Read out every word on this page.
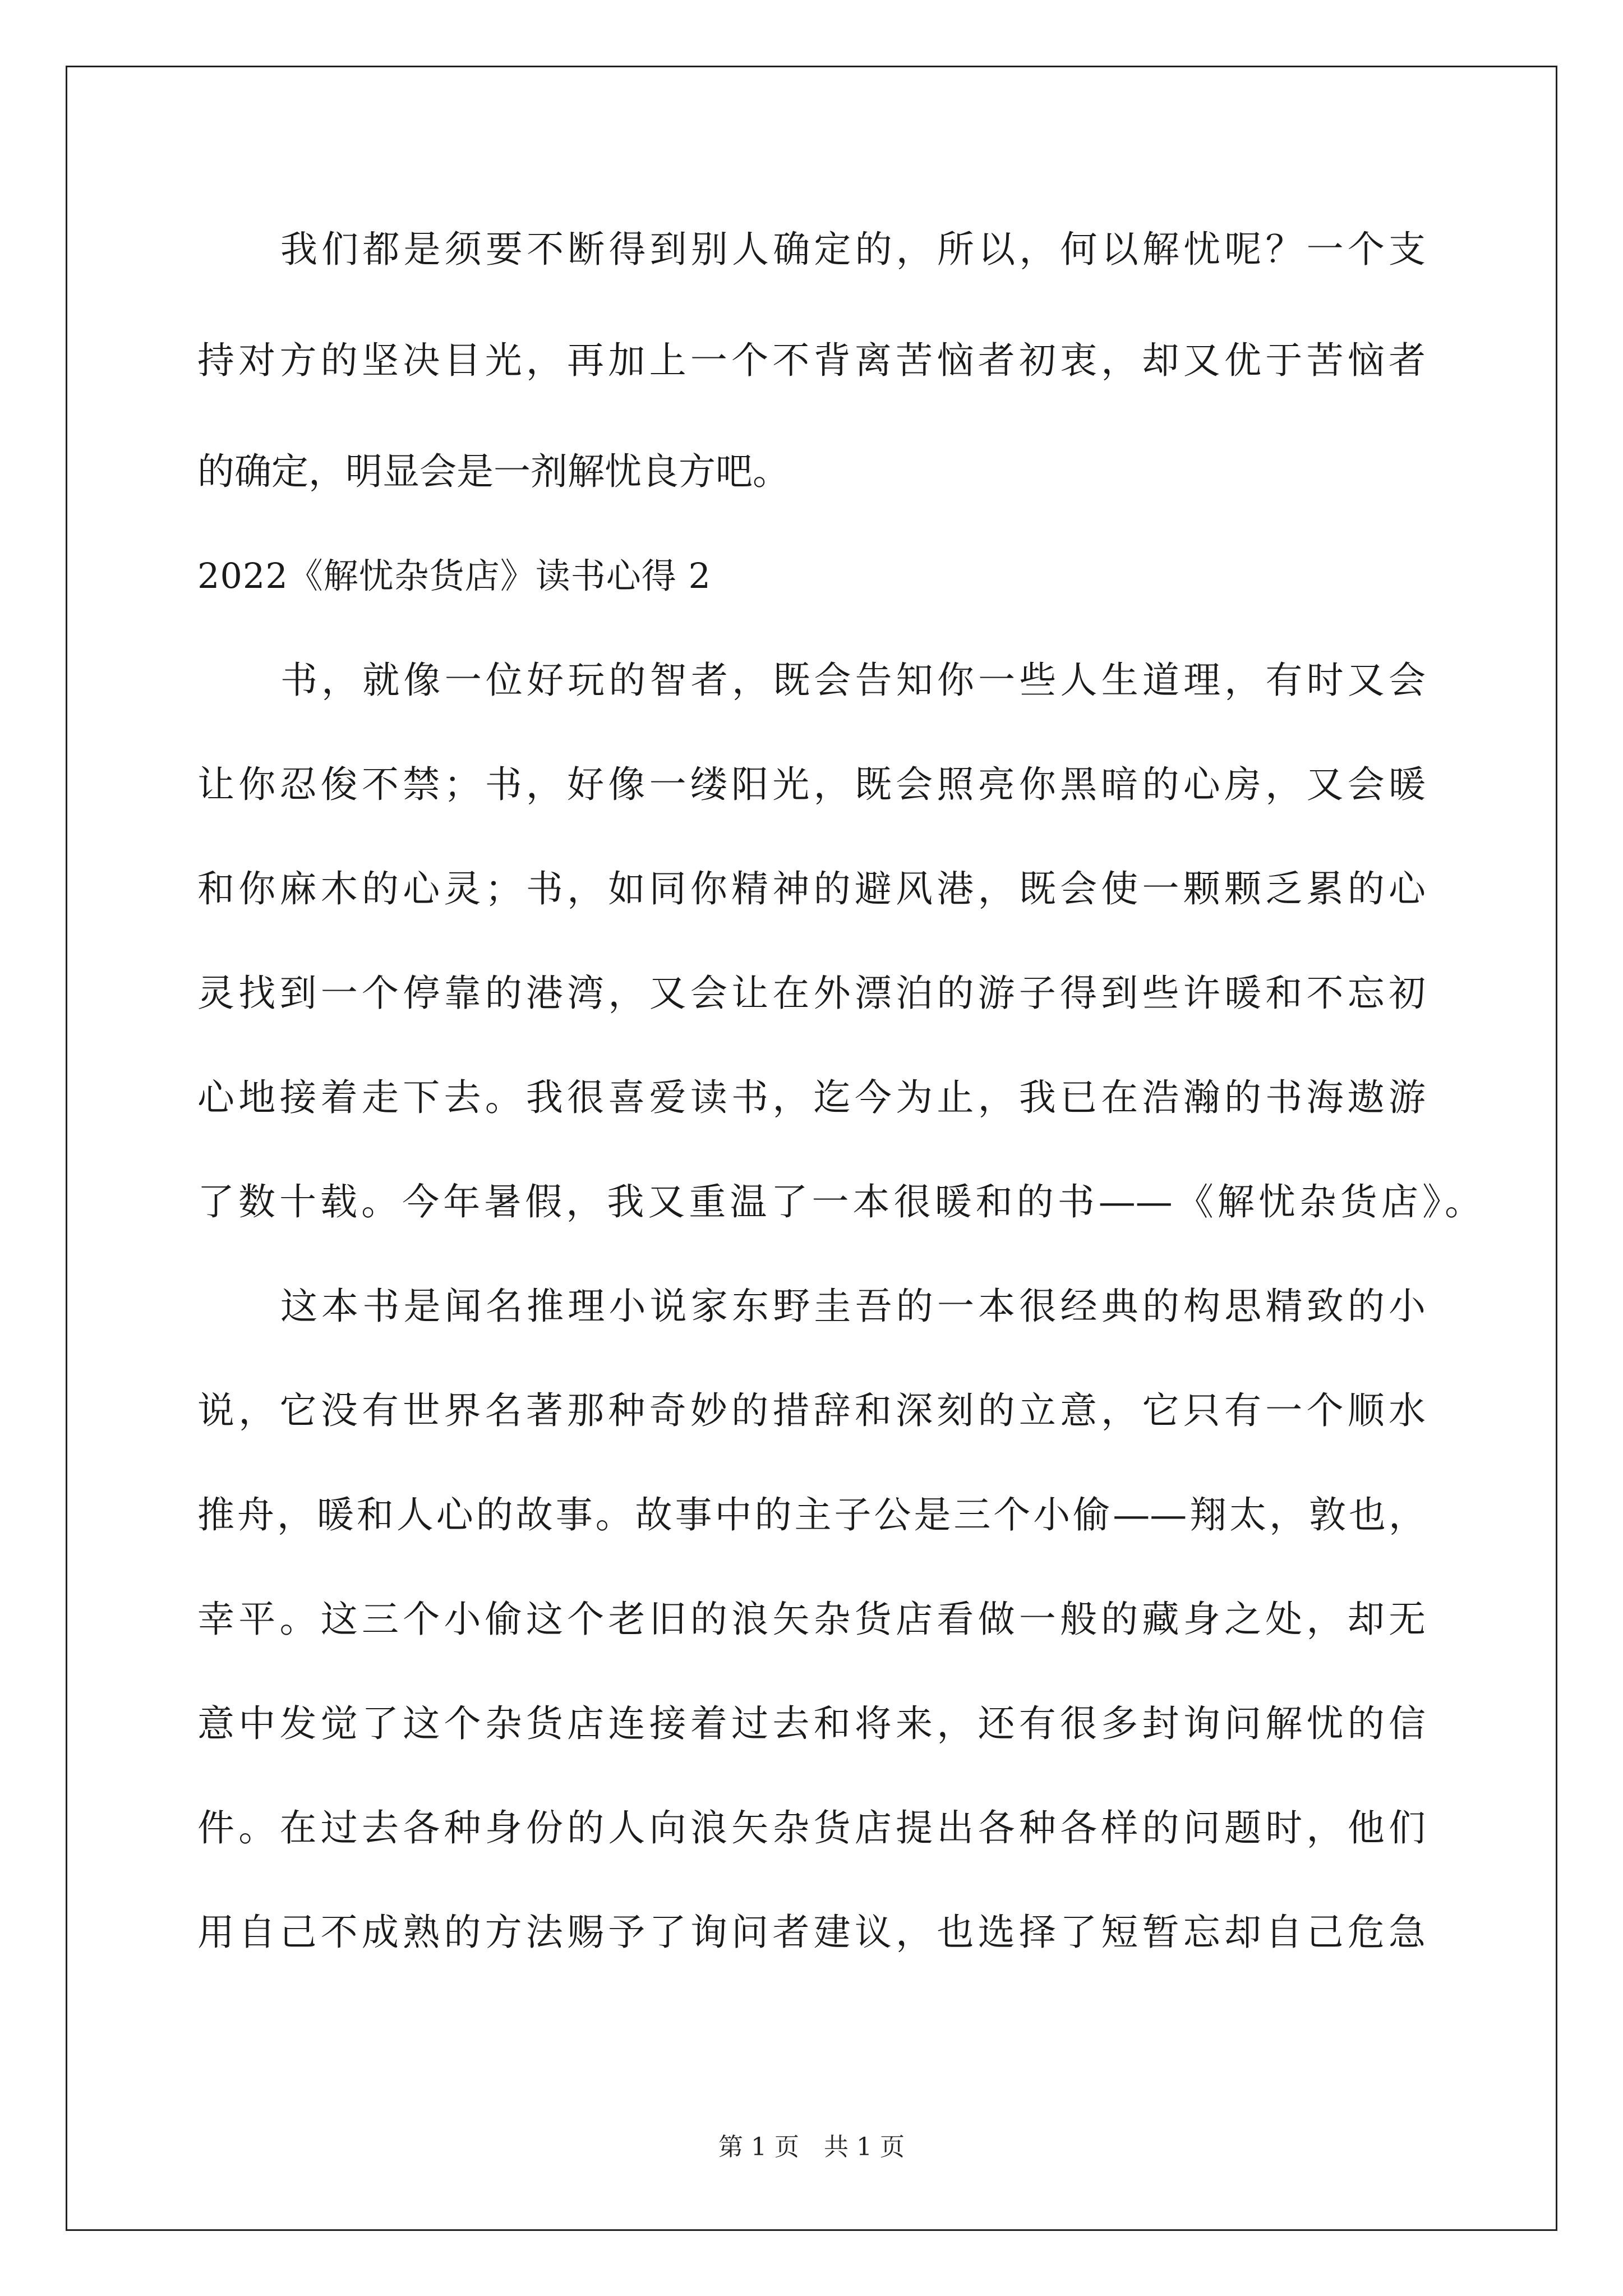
我们都是须要不断得到别人确定的，所以，何以解忧呢？一个支
持对方的坚决目光，再加上一个不背离苦恼者初衷，却又优于苦恼者
的确定，明显会是一剂解忧良方吧。
2022《解忧杂货店》读书心得 2
书，就像一位好玩的智者，既会告知你一些人生道理，有时又会
让你忍俊不禁；书，好像一缕阳光，既会照亮你黑暗的心房，又会暖
和你麻木的心灵；书，如同你精神的避风港，既会使一颗颗乏累的心
灵找到一个停靠的港湾，又会让在外漂泊的游子得到些许暖和不忘初
心地接着走下去。我很喜爱读书，迄今为止，我已在浩瀚的书海遨游
了数十载。今年暑假，我又重温了一本很暖和的书——《解忧杂货店》。
这本书是闻名推理小说家东野圭吾的一本很经典的构思精致的小
说，它没有世界名著那种奇妙的措辞和深刻的立意，它只有一个顺水
推舟，暖和人心的故事。故事中的主子公是三个小偷——翔太，敦也，
幸平。这三个小偷这个老旧的浪矢杂货店看做一般的藏身之处，却无
意中发觉了这个杂货店连接着过去和将来，还有很多封询问解忧的信
件。在过去各种身份的人向浪矢杂货店提出各种各样的问题时，他们
用自己不成熟的方法赐予了询问者建议，也选择了短暂忘却自己危急
第 1 页　共 1 页
